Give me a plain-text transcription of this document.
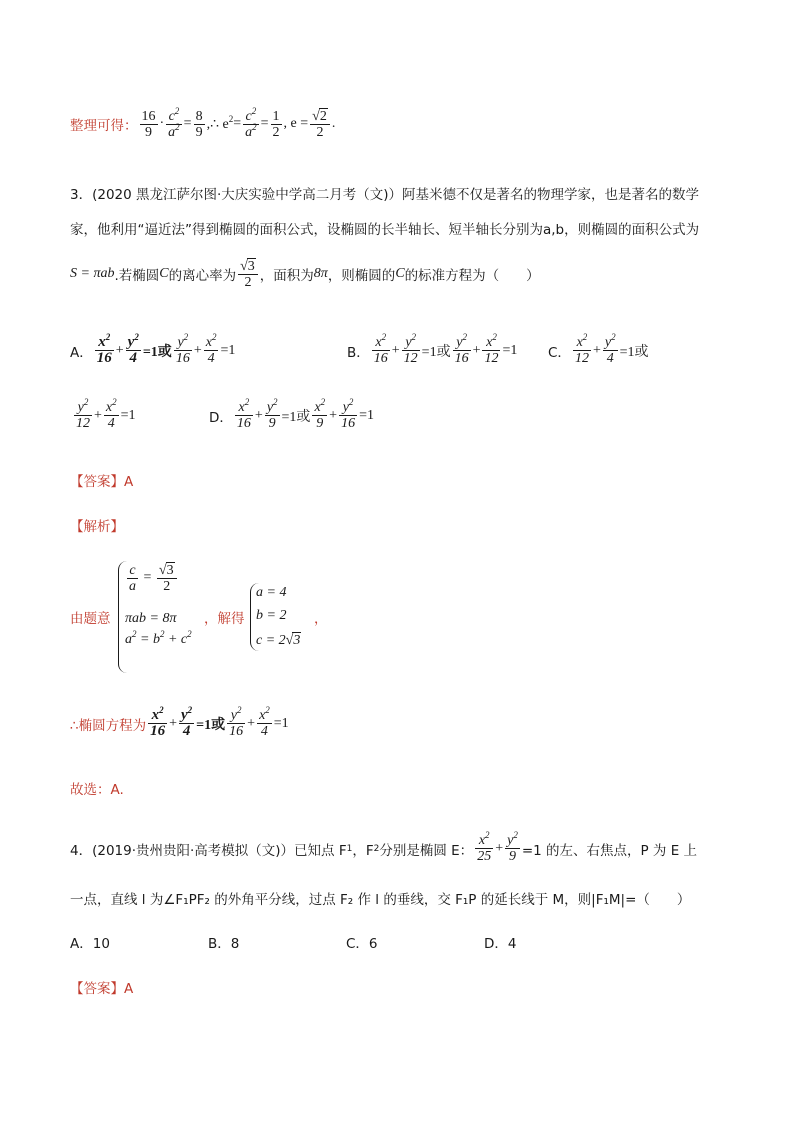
整理可得： $\frac{16}{9} \cdot \frac{c^2}{a^2} = \frac{8}{9}$ ,∴ $e^2 = \frac{c^2}{a^2} = \frac{1}{2}$ , $e = \frac{√2}{2}$ .
3．(2020 黑龙江萨尔图·大庆实验中学高二月考（文)）阿基米德不仅是著名的物理学家，也是著名的数学
家，他利用“逼近法”得到椭圆的面积公式，设椭圆的长半轴长、短半轴长分别为a,b，则椭圆的面积公式为
S = πab .若椭圆 C 的离心率为 $\frac{√3}{2}$ ，面积为 8π ，则椭圆的 C 的标准方程为（　　）
A． $\frac{x^2}{16} + \frac{y^2}{4} =1$或 $\frac{y^2}{16} + \frac{x^2}{4} =1$	B． $\frac{x^2}{16} + \frac{y^2}{12} =1$或 $\frac{y^2}{16} + \frac{x^2}{12} =1$ C． $\frac{x^2}{12} + \frac{y^2}{4} =1$或
$\frac{y^2}{12} + \frac{x^2}{4} =1$	D． $\frac{x^2}{16} + \frac{y^2}{9} =1$或 $\frac{x^2}{9} + \frac{y^2}{16} =1$
【答案】A
【解析】
由题意
$\frac{c}{a} = \frac{√3}{2}$
πab = 8π
$a^2 = b^2 + c^2$
，解得
a = 4
b = 2
c = 2√3
，
∴椭圆方程为 $\frac{x^2}{16} + \frac{y^2}{4} =1$或 $\frac{y^2}{16} + \frac{x^2}{4} =1$
故选：A.
4．(2019·贵州贵阳·高考模拟（文)）已知点 F 1 ，F 2 分别是椭圆 E： $\frac{x^2}{25} + \frac{y^2}{9} =1$ 的左、右焦点，P 为 E 上
一点，直线 l 为∠F₁PF₂ 的外角平分线，过点 F₂ 作 l 的垂线，交 F₁P 的延长线于 M，则|F₁M|=（　　）
A．10	B．8	C．6	D．4
【答案】A
